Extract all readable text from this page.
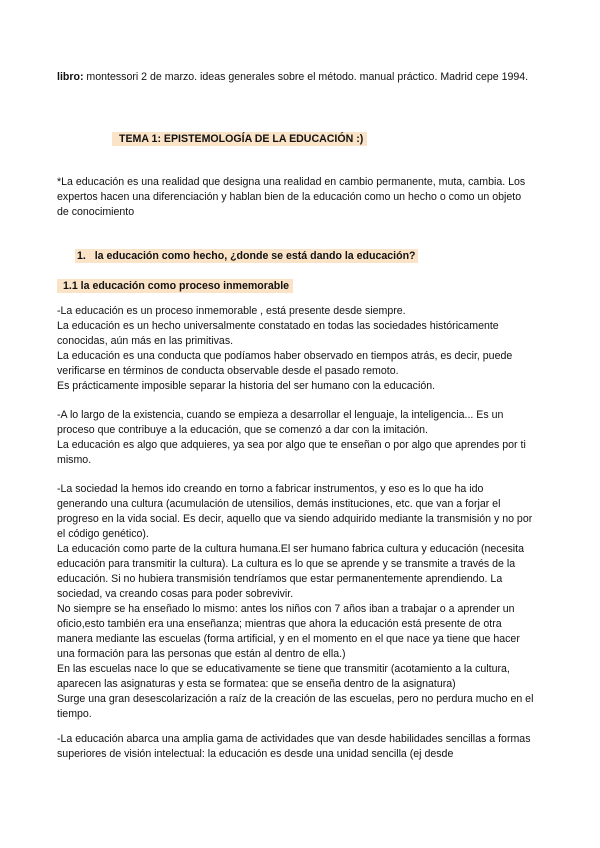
libro: montessori 2 de marzo. ideas generales sobre el método. manual práctico. Madrid cepe 1994.

TEMA 1: EPISTEMOLOGÍA DE LA EDUCACIÓN :)

*La educación es una realidad que designa una realidad en cambio permanente, muta, cambia. Los expertos hacen una diferenciación y hablan bien de la educación como un hecho o como un objeto de conocimiento

1. la educación como hecho, ¿donde se está dando la educación?
1.1 la educación como proceso inmemorable

-La educación es un proceso inmemorable , está presente desde siempre.
La educación es un hecho universalmente constatado en todas las sociedades históricamente conocidas, aún más en las primitivas.
La educación es una conducta que podíamos haber observado en tiempos atrás, es decir, puede verificarse en términos de conducta observable desde el pasado remoto.
Es prácticamente imposible separar la historia del ser humano con la educación.

-A lo largo de la existencia, cuando se empieza a desarrollar el lenguaje, la inteligencia... Es un proceso que contribuye a la educación, que se comenzó a dar con la imitación.
La educación es algo que adquieres, ya sea por algo que te enseñan o por algo que aprendes por ti mismo.

-La sociedad la hemos ido creando en torno a fabricar instrumentos, y eso es lo que ha ido generando una cultura (acumulación de utensilios, demás instituciones, etc. que van a forjar el progreso en la vida social. Es decir, aquello que va siendo adquirido mediante la transmisión y no por el código genético).
La educación como parte de la cultura humana.El ser humano fabrica cultura y educación (necesita educación para transmitir la cultura). La cultura es lo que se aprende y se transmite a través de la educación. Si no hubiera transmisión tendríamos que estar permanentemente aprendiendo. La sociedad, va creando cosas para poder sobrevivir.
No siempre se ha enseñado lo mismo: antes los niños con 7 años iban a trabajar o a aprender un oficio,esto también era una enseñanza; mientras que ahora la educación está presente de otra manera mediante las escuelas (forma artificial, y en el momento en el que nace ya tiene que hacer una formación para las personas que están al dentro de ella.)
En las escuelas nace lo que se educativamente se tiene que transmitir (acotamiento a la cultura, aparecen las asignaturas y esta se formatea: que se enseña dentro de la asignatura)
Surge una gran desescolarización a raíz de la creación de las escuelas, pero no perdura mucho en el tiempo.

-La educación abarca una amplia gama de actividades que van desde habilidades sencillas a formas superiores de visión intelectual: la educación es desde una unidad sencilla (ej desde
